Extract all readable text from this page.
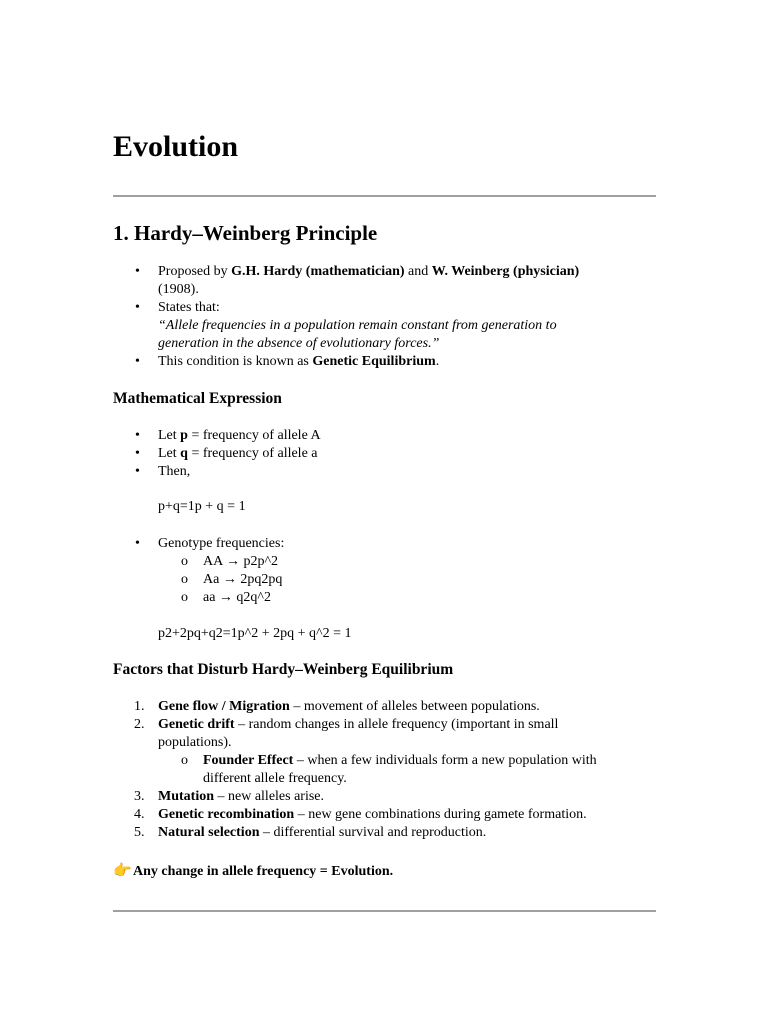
Evolution
1. Hardy–Weinberg Principle
• Proposed by G.H. Hardy (mathematician) and W. Weinberg (physician)
(1908).
• States that:
“Allele frequencies in a population remain constant from generation to
generation in the absence of evolutionary forces.”
• This condition is known as Genetic Equilibrium.
Mathematical Expression
• Let p = frequency of allele A
• Let q = frequency of allele a
• Then,
p+q=1p + q = 1
• Genotype frequencies:
o AA → p2p^2
o Aa → 2pq2pq
o aa → q2q^2
p2+2pq+q2=1p^2 + 2pq + q^2 = 1
Factors that Disturb Hardy–Weinberg Equilibrium
1. Gene flow / Migration – movement of alleles between populations.
2. Genetic drift – random changes in allele frequency (important in small
populations).
o Founder Effect – when a few individuals form a new population with
different allele frequency.
3. Mutation – new alleles arise.
4. Genetic recombination – new gene combinations during gamete formation.
5. Natural selection – differential survival and reproduction.
👉Any change in allele frequency = Evolution.
